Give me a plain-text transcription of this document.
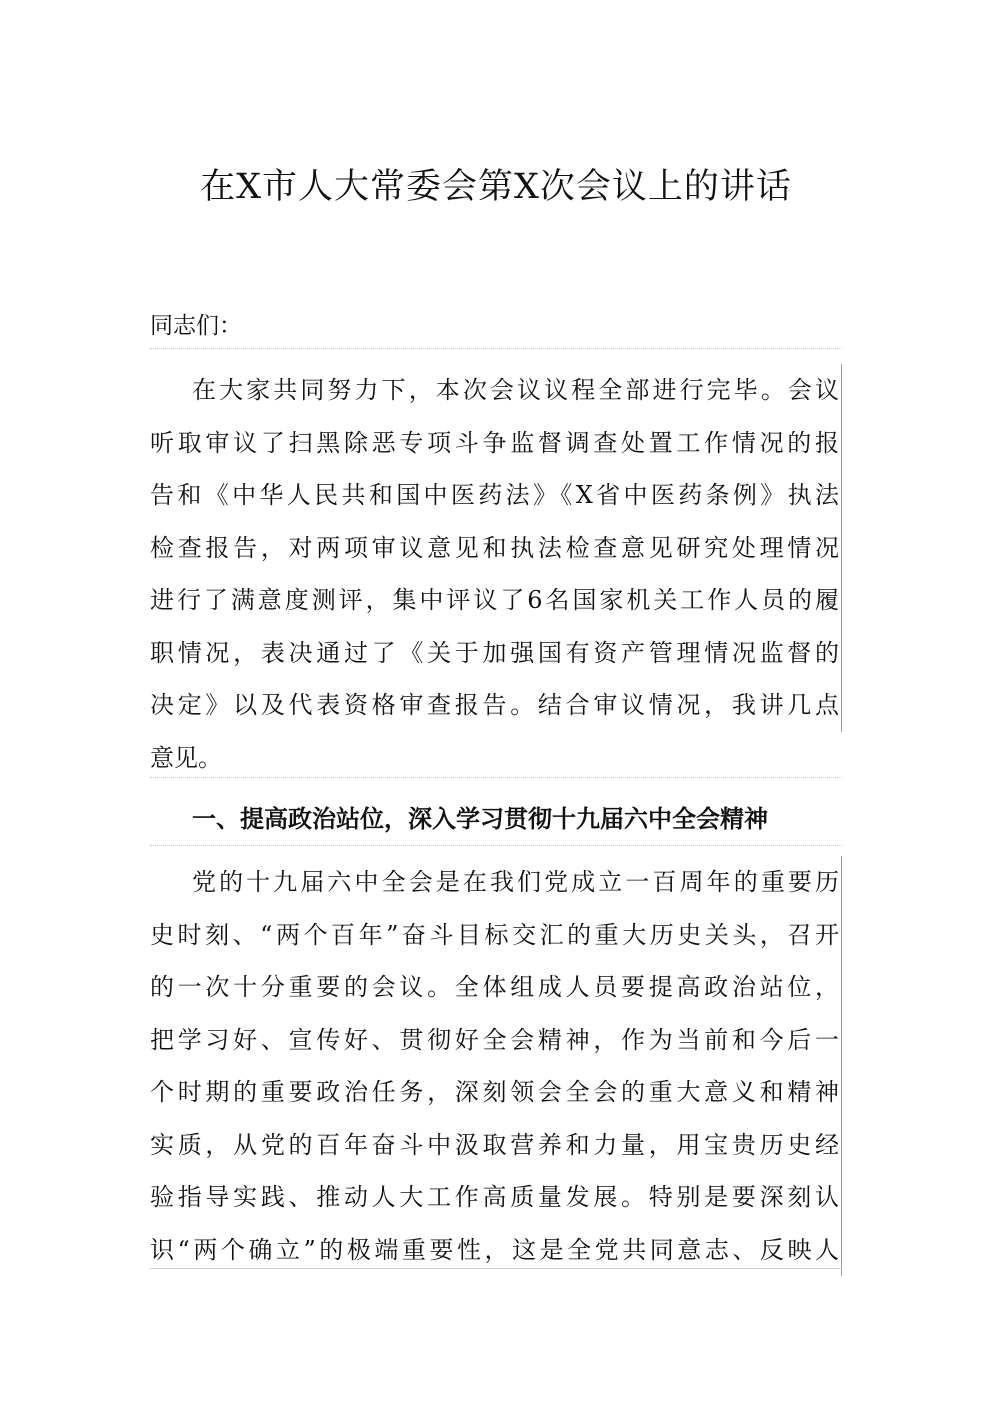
在X市人大常委会第X次会议上的讲话
同志们：
在大家共同努力下，本次会议议程全部进行完毕。会议
听取审议了扫黑除恶专项斗争监督调查处置工作情况的报
告和《中华人民共和国中医药法》《X省中医药条例》执法
检查报告，对两项审议意见和执法检查意见研究处理情况
进行了满意度测评，集中评议了6名国家机关工作人员的履
职情况，表决通过了《关于加强国有资产管理情况监督的
决定》以及代表资格审查报告。结合审议情况，我讲几点
意见。
一、提高政治站位，深入学习贯彻十九届六中全会精神
党的十九届六中全会是在我们党成立一百周年的重要历
史时刻、“两个百年”奋斗目标交汇的重大历史关头，召开
的一次十分重要的会议。全体组成人员要提高政治站位，
把学习好、宣传好、贯彻好全会精神，作为当前和今后一
个时期的重要政治任务，深刻领会全会的重大意义和精神
实质，从党的百年奋斗中汲取营养和力量，用宝贵历史经
验指导实践、推动人大工作高质量发展。特别是要深刻认
识“两个确立”的极端重要性，这是全党共同意志、反映人
